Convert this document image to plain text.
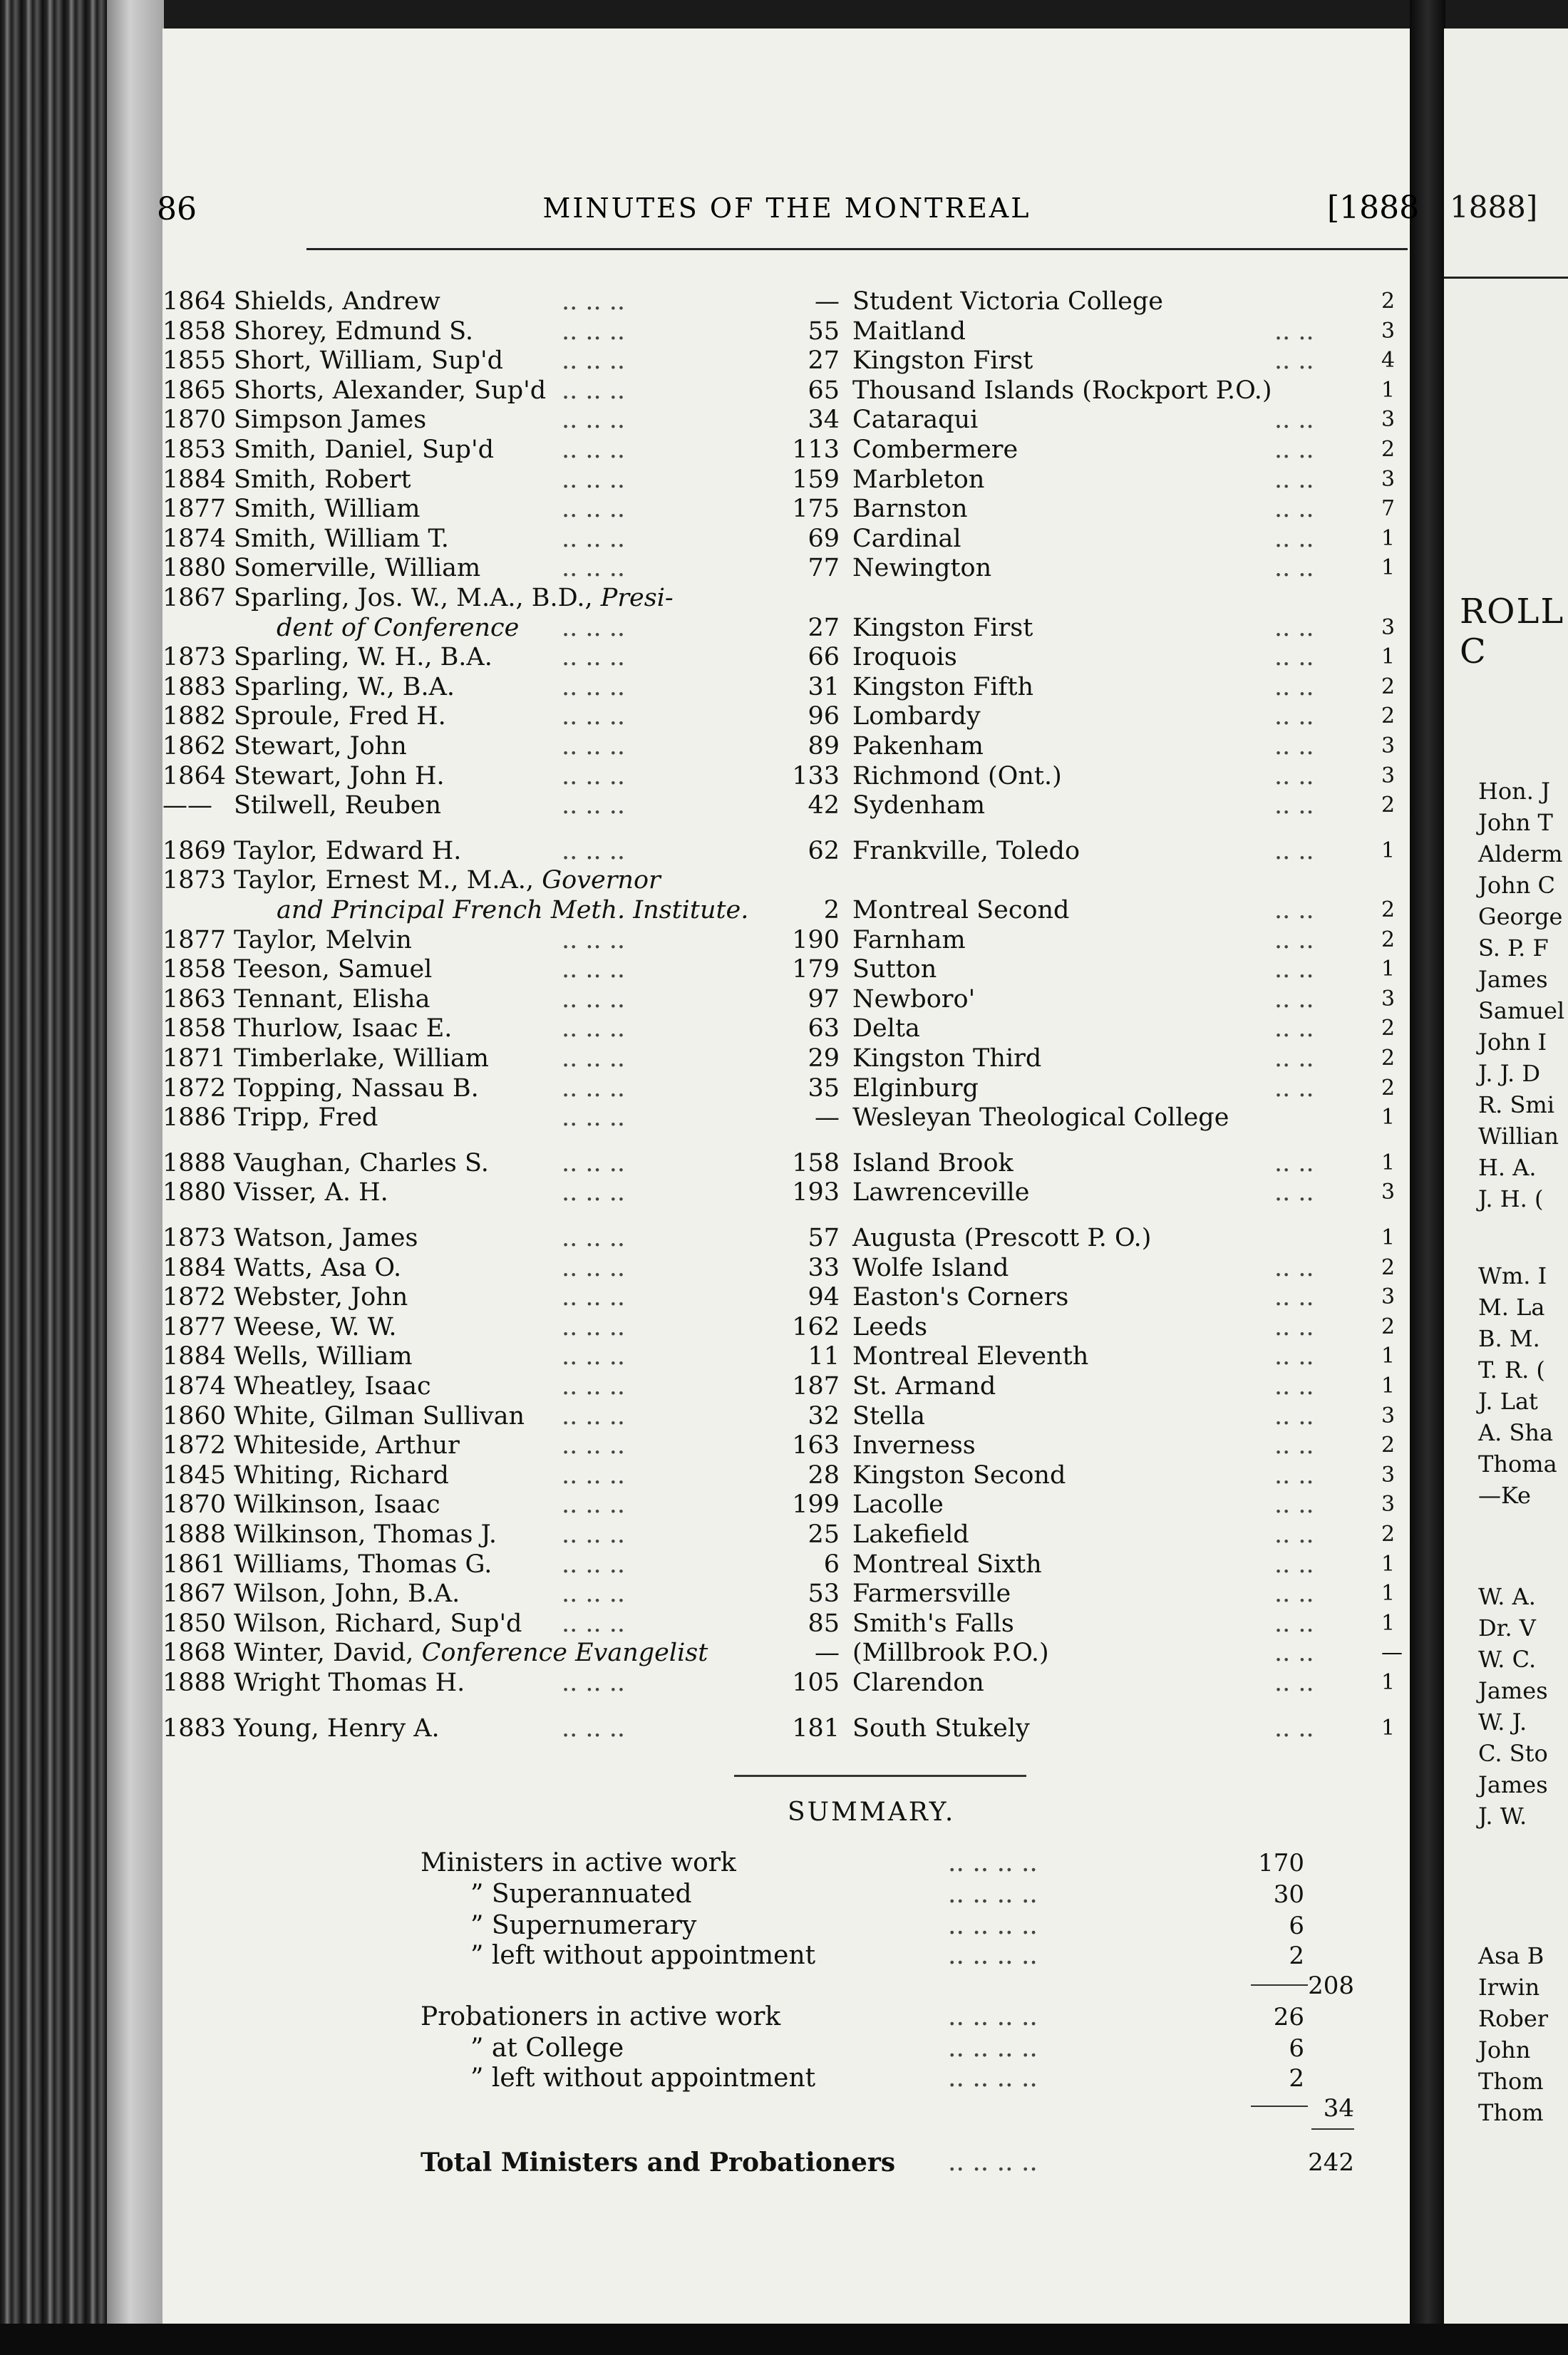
1888]
ROLL C
Hon. J
John T
Alderm
John C
George
S. P. F
James
Samuel
John I
J. J. D
R. Smi
Willian
H. A.
J. H. (
Wm. I
M. La
B. M.
T. R. (
J. Lat
A. Sha
Thoma
—Ke
W. A.
Dr. V
W. C.
James
W. J.
C. Sto
James
J. W.
Asa B
Irwin
Rober
John
Thom
Thom
86	MINUTES OF THE MONTREAL	[1888
1864 Shields, Andrew	.. .. ..	— Student Victoria College	2
1858 Shorey, Edmund S.	.. .. ..	55 Maitland	.. ..	3
1855 Short, William, Sup'd .. .. ..	27 Kingston First	.. ..	4
1865 Shorts, Alexander, Sup'd .. .. ..	65 Thousand Islands (Rockport P.O.)	1
1870 Simpson James	.. .. ..	34 Cataraqui	.. ..	3
1853 Smith, Daniel, Sup'd	.. .. ..	113 Combermere	.. ..	2
1884 Smith, Robert	.. .. ..	159 Marbleton	.. ..	3
1877 Smith, William	.. .. ..	175 Barnston	.. ..	7
1874 Smith, William T.	.. .. ..	69 Cardinal	.. ..	1
1880 Somerville, William	.. .. ..	77 Newington	.. ..	1
1867 Sparling, Jos. W., M.A., B.D., Presi-
dent of Conference .. .. ..	27 Kingston First	.. ..	3
1873 Sparling, W. H., B.A.	.. .. ..	66 Iroquois	.. ..	1
1883 Sparling, W., B.A.	.. .. ..	31 Kingston Fifth	.. ..	2
1882 Sproule, Fred H.	.. .. ..	96 Lombardy	.. ..	2
1862 Stewart, John	.. .. ..	89 Pakenham	.. ..	3
1864 Stewart, John H.	.. .. ..	133 Richmond (Ont.)	.. ..	3
—— Stilwell, Reuben	.. .. ..	42 Sydenham	.. ..	2
1869 Taylor, Edward H.	.. .. ..	62 Frankville, Toledo	.. ..	1
1873 Taylor, Ernest M., M.A., Governor
and Principal French Meth. Institute.	2 Montreal Second	.. ..	2
1877 Taylor, Melvin	.. .. ..	190 Farnham	.. ..	2
1858 Teeson, Samuel	.. .. ..	179 Sutton	.. ..	1
1863 Tennant, Elisha	.. .. ..	97 Newboro'	.. ..	3
1858 Thurlow, Isaac E.	.. .. ..	63 Delta	.. ..	2
1871 Timberlake, William	.. .. ..	29 Kingston Third	.. ..	2
1872 Topping, Nassau B.	.. .. ..	35 Elginburg	.. ..	2
1886 Tripp, Fred	.. .. ..	— Wesleyan Theological College	1
1888 Vaughan, Charles S.	.. .. ..	158 Island Brook	.. ..	1
1880 Visser, A. H.	.. .. ..	193 Lawrenceville	.. ..	3
1873 Watson, James	.. .. ..	57 Augusta (Prescott P. O.)	1
1884 Watts, Asa O.	.. .. ..	33 Wolfe Island	.. ..	2
1872 Webster, John	.. .. ..	94 Easton's Corners	.. ..	3
1877 Weese, W. W.	.. .. ..	162 Leeds	.. ..	2
1884 Wells, William	.. .. ..	11 Montreal Eleventh	.. ..	1
1874 Wheatley, Isaac	.. .. ..	187 St. Armand	.. ..	1
1860 White, Gilman Sullivan .. .. ..	32 Stella	.. ..	3
1872 Whiteside, Arthur	.. .. ..	163 Inverness	.. ..	2
1845 Whiting, Richard	.. .. ..	28 Kingston Second	.. ..	3
1870 Wilkinson, Isaac	.. .. ..	199 Lacolle	.. ..	3
1888 Wilkinson, Thomas J.	.. .. ..	25 Lakefield	.. ..	2
1861 Williams, Thomas G.	.. .. ..	6 Montreal Sixth	.. ..	1
1867 Wilson, John, B.A.	.. .. ..	53 Farmersville	.. ..	1
1850 Wilson, Richard, Sup'd .. .. ..	85 Smith's Falls	.. ..	1
1868 Winter, David, Conference Evangelist	— (Millbrook P.O.)	.. ..	—
1888 Wright Thomas H.	.. .. ..	105 Clarendon	.. ..	1
1883 Young, Henry A.	.. .. ..	181 South Stukely	.. ..	1
SUMMARY.
Ministers in active work	.. .. .. ..	170
” Superannuated	.. .. .. ..	30
” Supernumerary	.. .. .. ..	6
” left without appointment	.. .. .. ..	2
208
Probationers in active work	.. .. .. ..	26
” at College	.. .. .. ..	6
” left without appointment	.. .. .. ..	2
34
Total Ministers and Probationers .. .. .. ..	242
